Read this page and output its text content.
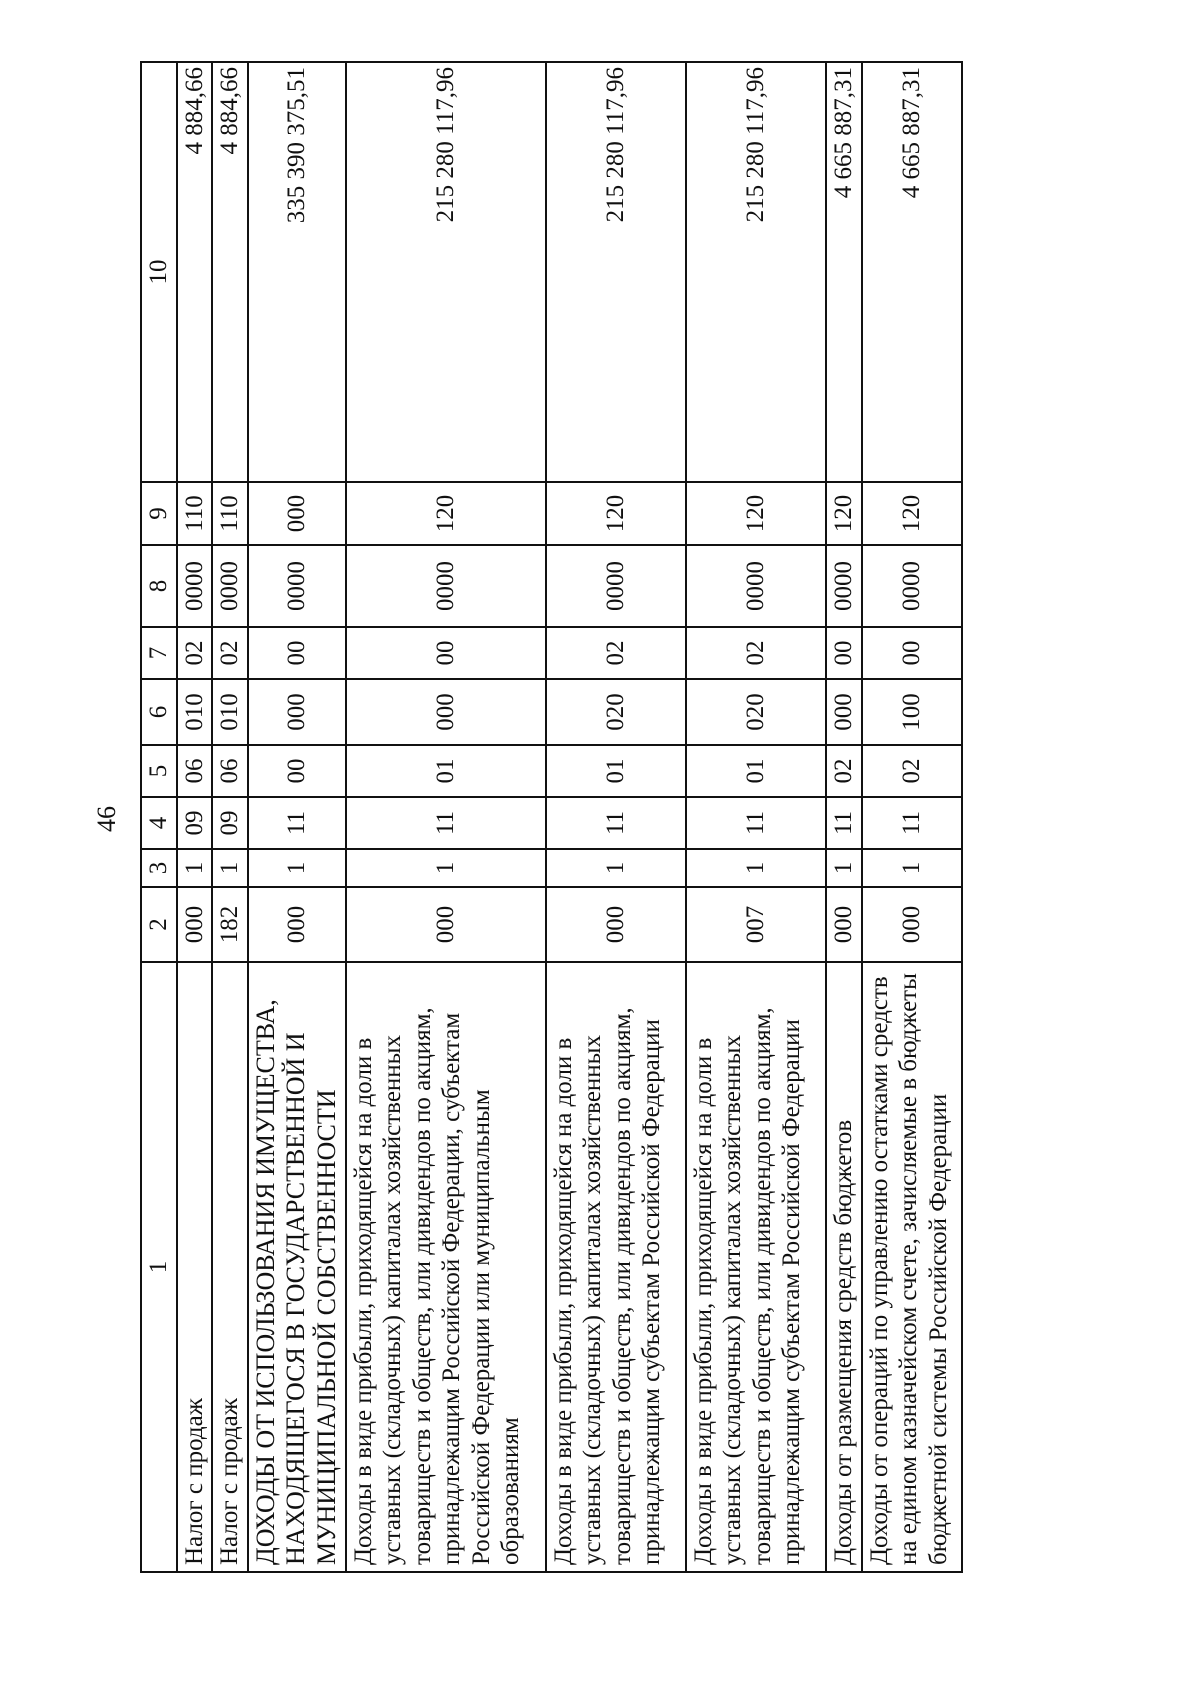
46
1	2	3	4	5	6	7	8	9	10
Налог с продаж	000	1	09	06	010	02	0000	110	4 884,66
Налог с продаж	182	1	09	06	010	02	0000	110	4 884,66
ДОХОДЫ ОТ ИСПОЛЬЗОВАНИЯ ИМУЩЕСТВА, НАХОДЯЩЕГОСЯ В ГОСУДАРСТВЕННОЙ И МУНИЦИПАЛЬНОЙ СОБСТВЕННОСТИ	000	1	11	00	000	00	0000	000	335 390 375,51
Доходы в виде прибыли, приходящейся на доли в уставных (складочных) капиталах хозяйственных товариществ и обществ, или дивидендов по акциям, принадлежащим Российской Федерации, субъектам Российской Федерации или муниципальным образованиям	000	1	11	01	000	00	0000	120	215 280 117,96
Доходы в виде прибыли, приходящейся на доли в уставных (складочных) капиталах хозяйственных товариществ и обществ, или дивидендов по акциям, принадлежащим субъектам Российской Федерации	000	1	11	01	020	02	0000	120	215 280 117,96
Доходы в виде прибыли, приходящейся на доли в уставных (складочных) капиталах хозяйственных товариществ и обществ, или дивидендов по акциям, принадлежащим субъектам Российской Федерации	007	1	11	01	020	02	0000	120	215 280 117,96
Доходы от размещения средств бюджетов	000	1	11	02	000	00	0000	120	4 665 887,31
Доходы от операций по управлению остатками средств на едином казначейском счете, зачисляемые в бюджеты бюджетной системы Российской Федерации	000	1	11	02	100	00	0000	120	4 665 887,31
